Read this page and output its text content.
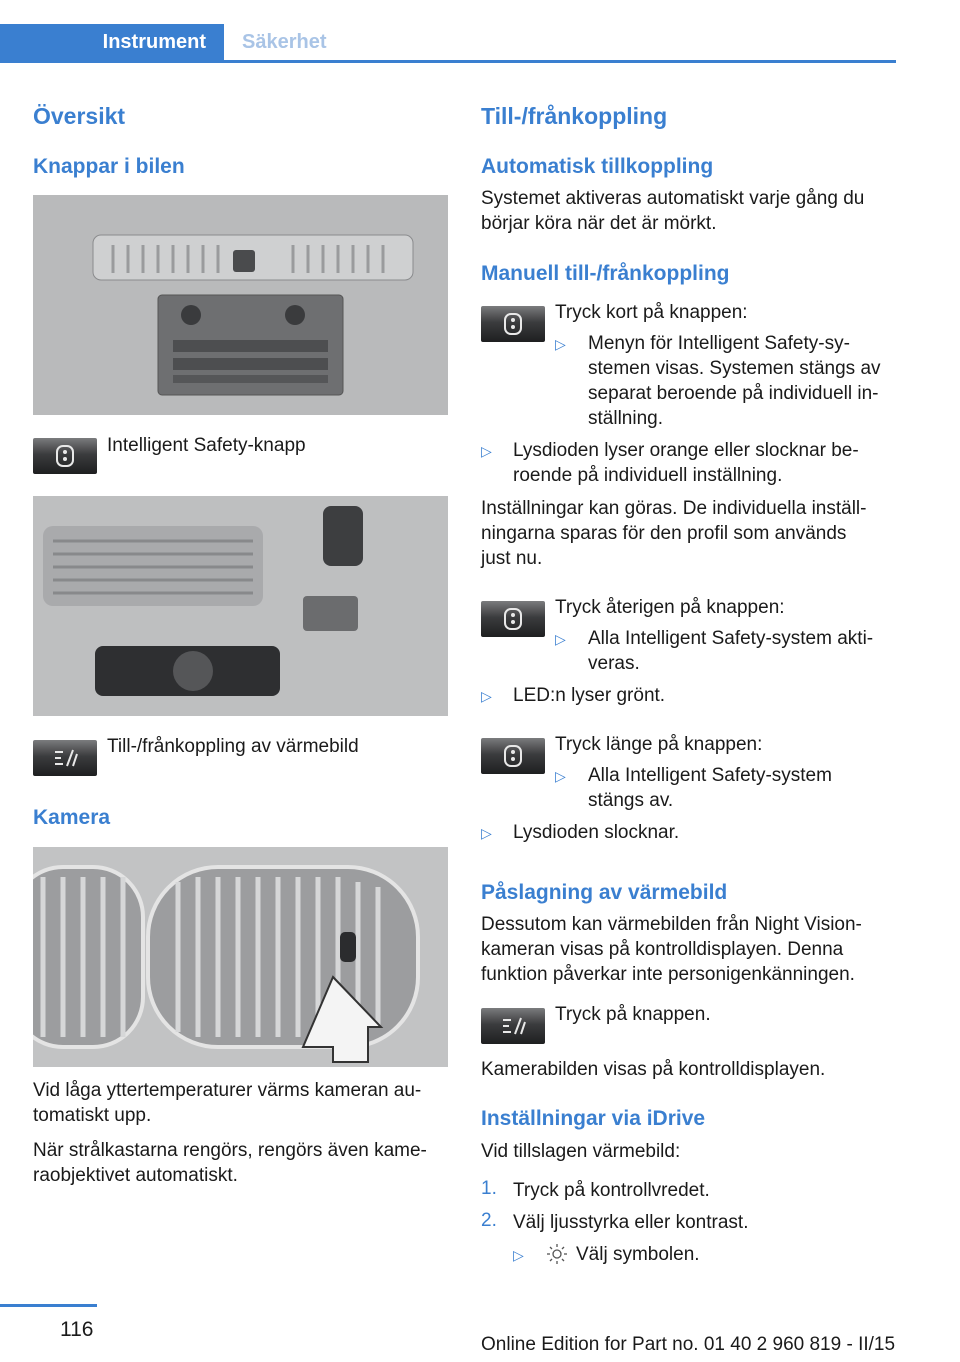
Instrument	Säkerhet
Översikt
Knappar i bilen
Intelligent Safety-knapp
Till-/frånkoppling av värmebild
Kamera
Vid låga yttertemperaturer värms kameran au-
tomatiskt upp.
När strålkastarna rengörs, rengörs även kame-
raobjektivet automatiskt.
Till-/frånkoppling
Automatisk tillkoppling
Systemet aktiveras automatiskt varje gång du
börjar köra när det är mörkt.
Manuell till-/frånkoppling
Tryck kort på knappen:
▷ Menyn för Intelligent Safety-sy-
stemen visas. Systemen stängs av
separat beroende på individuell in-
ställning.
▷ Lysdioden lyser orange eller slocknar be-
roende på individuell inställning.
Inställningar kan göras. De individuella inställ-
ningarna sparas för den profil som används
just nu.
Tryck återigen på knappen:
▷ Alla Intelligent Safety-system akti-
veras.
▷ LED:n lyser grönt.
Tryck länge på knappen:
▷ Alla Intelligent Safety-system
stängs av.
▷ Lysdioden slocknar.
Påslagning av värmebild
Dessutom kan värmebilden från Night Vision-
kameran visas på kontrolldisplayen. Denna
funktion påverkar inte personigenkänningen.
Tryck på knappen.
Kamerabilden visas på kontrolldisplayen.
Inställningar via iDrive
Vid tillslagen värmebild:
1. Tryck på kontrollvredet.
2. Välj ljusstyrka eller kontrast.
▷	Välj symbolen.
116
Online Edition for Part no. 01 40 2 960 819 - II/15
